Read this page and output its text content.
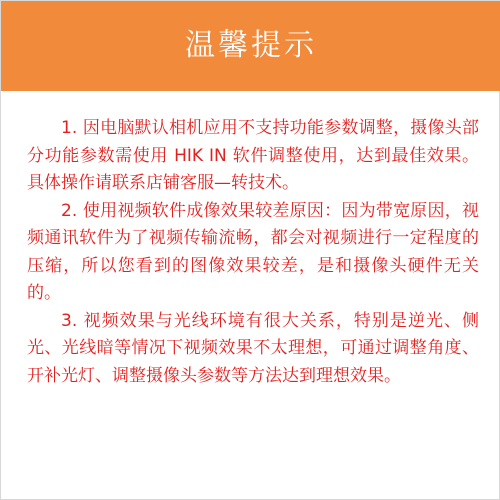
温馨提示

1. 因电脑默认相机应用不支持功能参数调整，摄像头部分功能参数需使用 HIK IN 软件调整使用，达到最佳效果。具体操作请联系店铺客服—转技术。

2. 使用视频软件成像效果较差原因：因为带宽原因，视频通讯软件为了视频传输流畅，都会对视频进行一定程度的压缩，所以您看到的图像效果较差，是和摄像头硬件无关的。

3. 视频效果与光线环境有很大关系，特别是逆光、侧光、光线暗等情况下视频效果不太理想，可通过调整角度、开补光灯、调整摄像头参数等方法达到理想效果。
